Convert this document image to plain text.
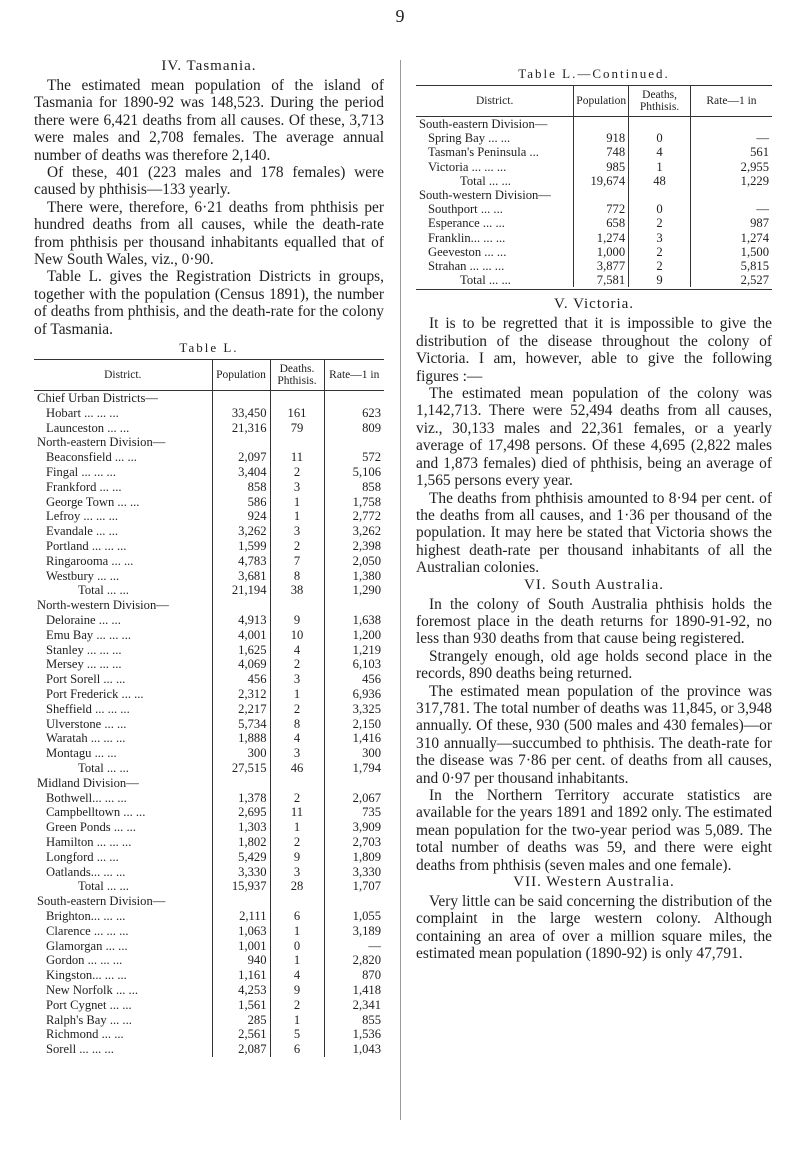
9
IV. Tasmania.

The estimated mean population of the island of Tasmania for 1890-92 was 148,523. During the period there were 6,421 deaths from all causes. Of these, 3,713 were males and 2,708 females. The average annual number of deaths was therefore 2,140.

Of these, 401 (223 males and 178 females) were caused by phthisis—133 yearly.

There were, therefore, 6·21 deaths from phthisis per hundred deaths from all causes, while the death-rate from phthisis per thousand inhabitants equalled that of New South Wales, viz., 0·90.

Table L. gives the Registration Districts in groups, together with the population (Census 1891), the number of deaths from phthisis, and the death-rate for the colony of Tasmania.

Table L.
District.	Population	Deaths. Phthisis.	Rate—1 in
Chief Urban Districts—			
Hobart ... ... ...	33,450	161	623
Launceston ... ...	21,316	79	809
North-eastern Division—			
Beaconsfield ... ...	2,097	11	572
Fingal ... ... ...	3,404	2	5,106
Frankford ... ...	858	3	858
George Town ... ...	586	1	1,758
Lefroy ... ... ...	924	1	2,772
Evandale ... ...	3,262	3	3,262
Portland ... ... ...	1,599	2	2,398
Ringarooma ... ...	4,783	7	2,050
Westbury ... ...	3,681	8	1,380
Total ... ...	21,194	38	1,290
North-western Division—			
Deloraine ... ...	4,913	9	1,638
Emu Bay ... ... ...	4,001	10	1,200
Stanley ... ... ...	1,625	4	1,219
Mersey ... ... ...	4,069	2	6,103
Port Sorell ... ...	456	3	456
Port Frederick ... ...	2,312	1	6,936
Sheffield ... ... ...	2,217	2	3,325
Ulverstone ... ...	5,734	8	2,150
Waratah ... ... ...	1,888	4	1,416
Montagu ... ...	300	3	300
Total ... ...	27,515	46	1,794
Midland Division—			
Bothwell... ... ...	1,378	2	2,067
Campbelltown ... ...	2,695	11	735
Green Ponds ... ...	1,303	1	3,909
Hamilton ... ... ...	1,802	2	2,703
Longford ... ...	5,429	9	1,809
Oatlands... ... ...	3,330	3	3,330
Total ... ...	15,937	28	1,707
South-eastern Division—			
Brighton... ... ...	2,111	6	1,055
Clarence ... ... ...	1,063	1	3,189
Glamorgan ... ...	1,001	0	—
Gordon ... ... ...	940	1	2,820
Kingston... ... ...	1,161	4	870
New Norfolk ... ...	4,253	9	1,418
Port Cygnet ... ...	1,561	2	2,341
Ralph's Bay ... ...	285	1	855
Richmond ... ...	2,561	5	1,536
Sorell ... ... ...	2,087	6	1,043
Table L.—Continued.
District.	Population	Deaths, Phthisis.	Rate—1 in
South-eastern Division—			
Spring Bay ... ...	918	0	—
Tasman's Peninsula ...	748	4	561
Victoria ... ... ...	985	1	2,955
Total ... ...	19,674	48	1,229
South-western Division—			
Southport ... ...	772	0	—
Esperance ... ...	658	2	987
Franklin... ... ...	1,274	3	1,274
Geeveston ... ...	1,000	2	1,500
Strahan ... ... ...	3,877	2	5,815
Total ... ...	7,581	9	2,527
V. Victoria.

It is to be regretted that it is impossible to give the distribution of the disease throughout the colony of Victoria. I am, however, able to give the following figures :—

The estimated mean population of the colony was 1,142,713. There were 52,494 deaths from all causes, viz., 30,133 males and 22,361 females, or a yearly average of 17,498 persons. Of these 4,695 (2,822 males and 1,873 females) died of phthisis, being an average of 1,565 persons every year.

The deaths from phthisis amounted to 8·94 per cent. of the deaths from all causes, and 1·36 per thousand of the population. It may here be stated that Victoria shows the highest death-rate per thousand inhabitants of all the Australian colonies.

VI. South Australia.

In the colony of South Australia phthisis holds the foremost place in the death returns for 1890-91-92, no less than 930 deaths from that cause being registered.

Strangely enough, old age holds second place in the records, 890 deaths being returned.

The estimated mean population of the province was 317,781. The total number of deaths was 11,845, or 3,948 annually. Of these, 930 (500 males and 430 females)—or 310 annually—succumbed to phthisis. The death-rate for the disease was 7·86 per cent. of deaths from all causes, and 0·97 per thousand inhabitants.

In the Northern Territory accurate statistics are available for the years 1891 and 1892 only. The estimated mean population for the two-year period was 5,089. The total number of deaths was 59, and there were eight deaths from phthisis (seven males and one female).

VII. Western Australia.

Very little can be said concerning the distribution of the complaint in the large western colony. Although containing an area of over a million square miles, the estimated mean population (1890-92) is only 47,791.
